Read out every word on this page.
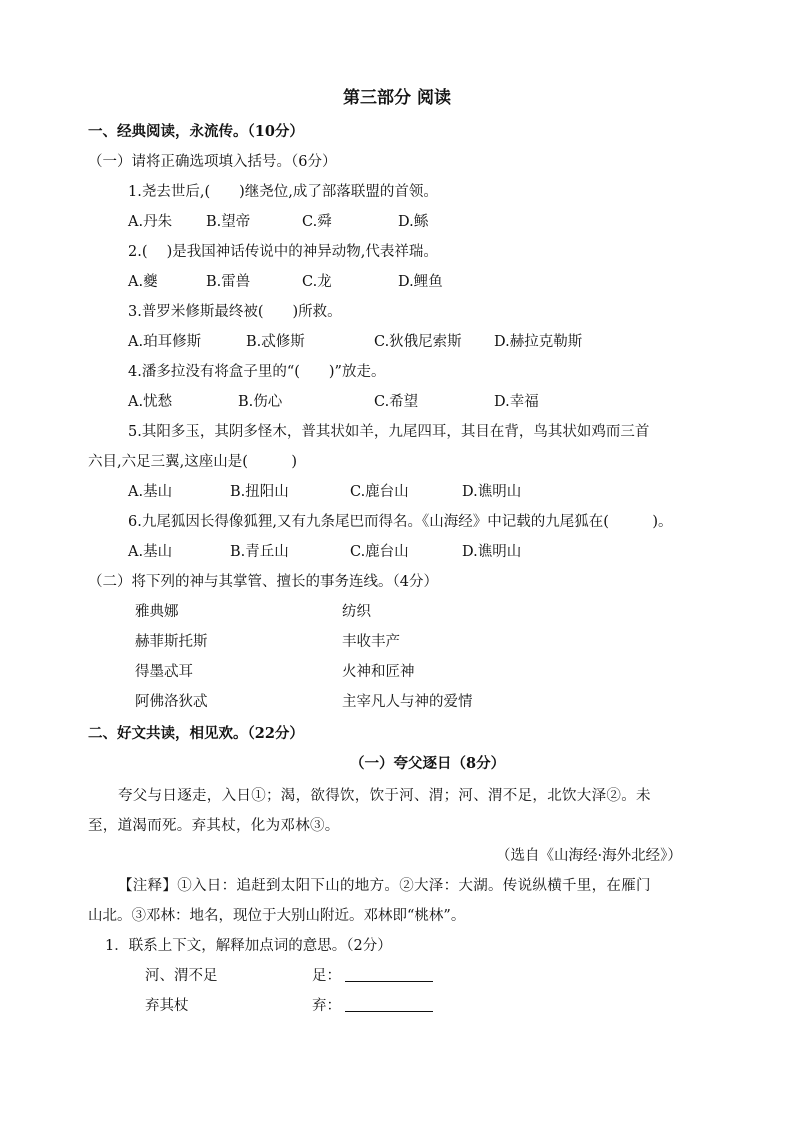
第三部分 阅读
一、经典阅读，永流传。（10分）
（一）请将正确选项填入括号。（6分）
1.尧去世后,(　　)继尧位,成了部落联盟的首领。
A.丹朱 B.望帝	C.舜	D.鲧
2.(　 )是我国神话传说中的神异动物,代表祥瑞。
A.夔	B.雷兽	C.龙	D.鲤鱼
3.普罗米修斯最终被(　　)所救。
A.珀耳修斯	B.忒修斯	C.狄俄尼索斯 D.赫拉克勒斯
4.潘多拉没有将盒子里的“(　　)”放走。
A.忧愁	B.伤心	C.希望	D.幸福
5.其阳多玉，其阴多怪木，普其状如羊，九尾四耳，其目在背，鸟其状如鸡而三首
六目,六足三翼,这座山是(　　　)
A.基山	B.扭阳山	C.鹿台山	D.谯明山
6.九尾狐因长得像狐狸,又有九条尾巴而得名。《山海经》中记载的九尾狐在(　　　)。
A.基山	B.青丘山	C.鹿台山	D.谯明山
（二）将下列的神与其掌管、擅长的事务连线。（4分）
雅典娜	纺织
赫菲斯托斯	丰收丰产
得墨忒耳	火神和匠神
阿佛洛狄忒	主宰凡人与神的爱情
二、好文共读，相见欢。（22分）
（一）夸父逐日（8分）
夸父与日逐走，入日①；渴，欲得饮，饮于河、渭；河、渭不足，北饮大泽②。未
至，道渴而死。弃其杖，化为邓林③。
（选自《山海经·海外北经》）
【注释】①入日：追赶到太阳下山的地方。②大泽：大湖。传说纵横千里，在雁门
山北。③邓林：地名，现位于大别山附近。邓林即“桃林”。
1．联系上下文，解释加点词的意思。（2分）
河、渭不足	足：
弃其杖	弃：
